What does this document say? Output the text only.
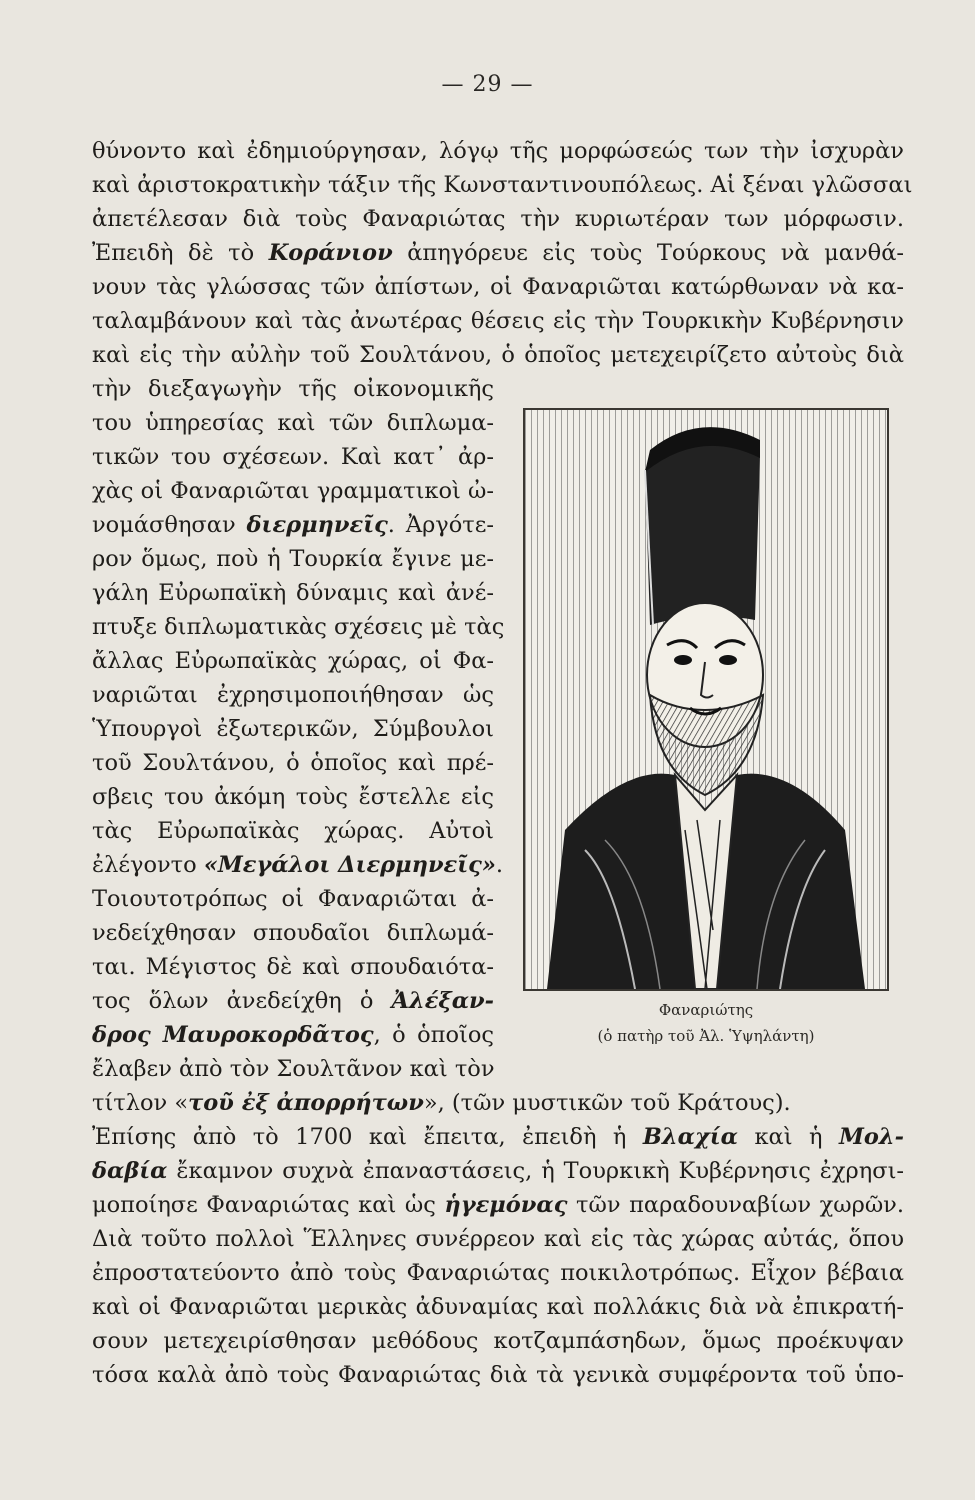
— 29 —
θύνοντο καὶ ἐδημιούργησαν, λόγῳ τῆς μορφώσεώς των τὴν ἰσχυρὰν
καὶ ἀριστοκρατικὴν τάξιν τῆς Κωνσταντινουπόλεως. Αἱ ξέναι γλῶσσαι
ἀπετέλεσαν διὰ τοὺς Φαναριώτας τὴν κυριωτέραν των μόρφωσιν.
Ἐπειδὴ δὲ τὸ Κοράνιον ἀπηγόρευε εἰς τοὺς Τούρκους νὰ μανθά-
νουν τὰς γλώσσας τῶν ἀπίστων, οἱ Φαναριῶται κατώρθωναν νὰ κα-
ταλαμβάνουν καὶ τὰς ἀνωτέρας θέσεις εἰς τὴν Τουρκικὴν Κυβέρνησιν
καὶ εἰς τὴν αὐλὴν τοῦ Σουλτάνου, ὁ ὁποῖος μετεχειρίζετο αὐτοὺς διὰ
τὴν διεξαγωγὴν τῆς οἰκονομικῆς
του ὑπηρεσίας καὶ τῶν διπλωμα-
τικῶν του σχέσεων. Καὶ κατ᾽ ἀρ-
χὰς οἱ Φαναριῶται γραμματικοὶ ὠ-
νομάσθησαν διερμηνεῖς. Ἀργότε-
ρον ὅμως, ποὺ ἡ Τουρκία ἔγινε με-
γάλη Εὐρωπαϊκὴ δύναμις καὶ ἀνέ-
πτυξε διπλωματικὰς σχέσεις μὲ τὰς
ἄλλας Εὐρωπαϊκὰς χώρας, οἱ Φα-
ναριῶται ἐχρησιμοποιήθησαν ὡς
Ὑπουργοὶ ἐξωτερικῶν, Σύμβουλοι
τοῦ Σουλτάνου, ὁ ὁποῖος καὶ πρέ-
σβεις του ἀκόμη τοὺς ἔστελλε εἰς
τὰς Εὐρωπαϊκὰς χώρας. Αὐτοὶ
ἐλέγοντο «Μεγάλοι Διερμηνεῖς».
Τοιουτοτρόπως οἱ Φαναριῶται ἀ-
νεδείχθησαν σπουδαῖοι διπλωμά-
ται. Μέγιστος δὲ καὶ σπουδαιότα-
τος ὅλων ἀνεδείχθη ὁ Ἀλέξαν-
δρος Μαυροκορδᾶτος, ὁ ὁποῖος
ἔλαβεν ἀπὸ τὸν Σουλτᾶνον καὶ τὸν
Φαναριώτης
(ὁ πατὴρ τοῦ Ἀλ. Ὑψηλάντη)
τίτλον «τοῦ ἐξ ἀπορρήτων», (τῶν μυστικῶν τοῦ Κράτους).
Ἐπίσης ἀπὸ τὸ 1700 καὶ ἔπειτα, ἐπειδὴ ἡ Βλαχία καὶ ἡ Μολ-
δαβία ἔκαμνον συχνὰ ἐπαναστάσεις, ἡ Τουρκικὴ Κυβέρνησις ἐχρησι-
μοποίησε Φαναριώτας καὶ ὡς ἡγεμόνας τῶν παραδουναβίων χωρῶν.
Διὰ τοῦτο πολλοὶ Ἕλληνες συνέρρεον καὶ εἰς τὰς χώρας αὐτάς, ὅπου
ἐπροστατεύοντο ἀπὸ τοὺς Φαναριώτας ποικιλοτρόπως. Εἶχον βέβαια
καὶ οἱ Φαναριῶται μερικὰς ἀδυναμίας καὶ πολλάκις διὰ νὰ ἐπικρατή-
σουν μετεχειρίσθησαν μεθόδους κοτζαμπάσηδων, ὅμως προέκυψαν
τόσα καλὰ ἀπὸ τοὺς Φαναριώτας διὰ τὰ γενικὰ συμφέροντα τοῦ ὑπο-
